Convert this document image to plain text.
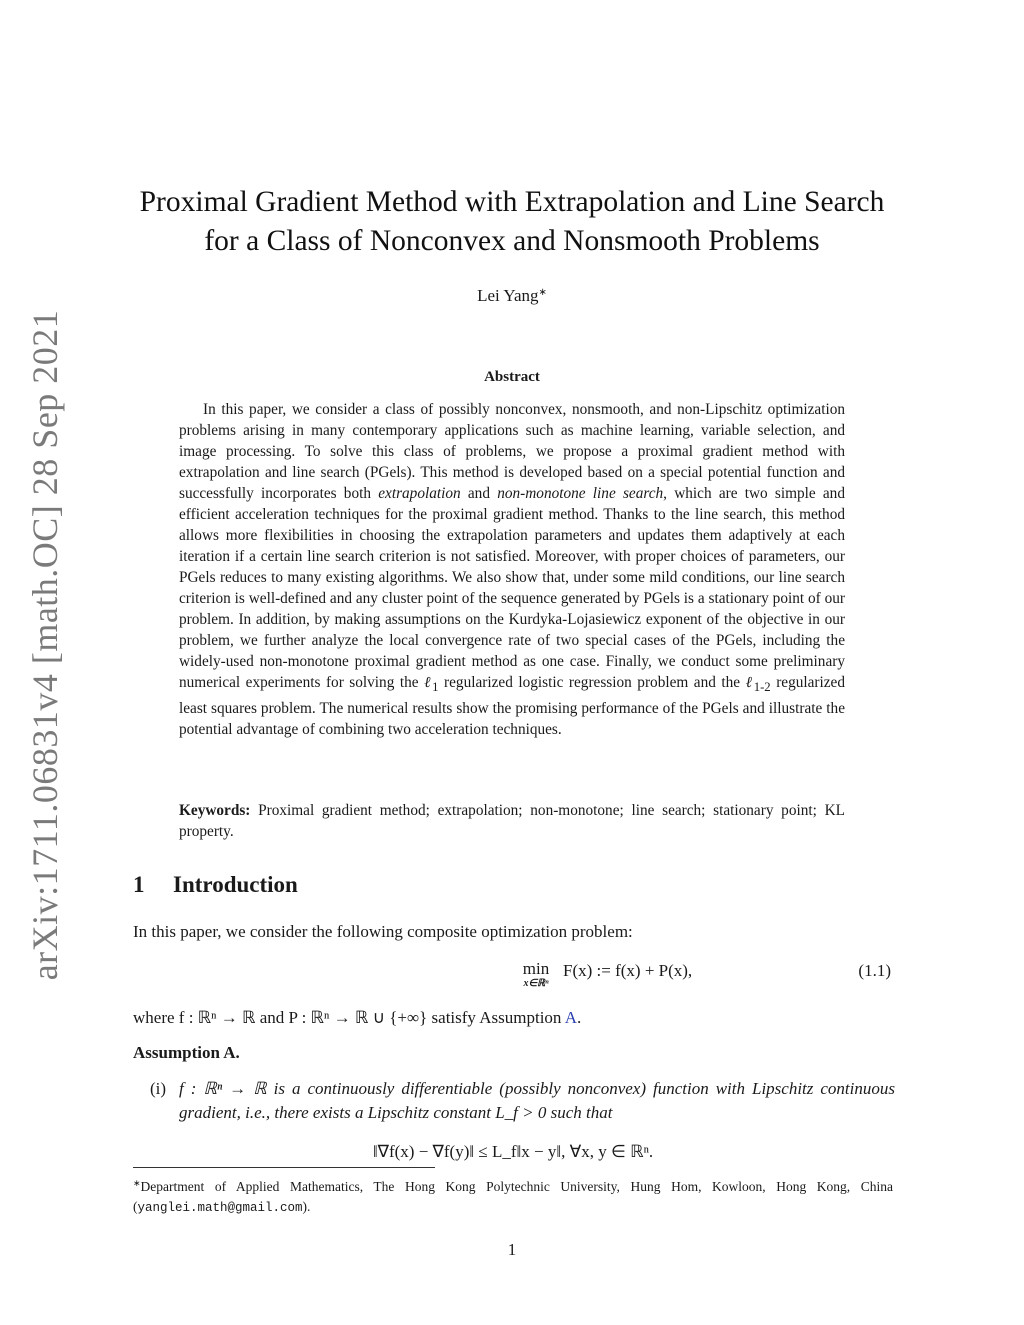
arXiv:1711.06831v4 [math.OC] 28 Sep 2021
Proximal Gradient Method with Extrapolation and Line Search
for a Class of Nonconvex and Nonsmooth Problems
Lei Yang∗
Abstract

In this paper, we consider a class of possibly nonconvex, nonsmooth, and non-Lipschitz optimization problems arising in many contemporary applications such as machine learning, variable selection, and image processing. To solve this class of problems, we propose a proximal gradient method with extrapolation and line search (PGels). This method is developed based on a special potential function and successfully incorporates both extrapolation and non-monotone line search, which are two simple and efficient acceleration techniques for the proximal gradient method. Thanks to the line search, this method allows more flexibilities in choosing the extrapolation parameters and updates them adaptively at each iteration if a certain line search criterion is not satisfied. Moreover, with proper choices of parameters, our PGels reduces to many existing algorithms. We also show that, under some mild conditions, our line search criterion is well-defined and any cluster point of the sequence generated by PGels is a stationary point of our problem. In addition, by making assumptions on the Kurdyka-Lojasiewicz exponent of the objective in our problem, we further analyze the local convergence rate of two special cases of the PGels, including the widely-used non-monotone proximal gradient method as one case. Finally, we conduct some preliminary numerical experiments for solving the ℓ$_1$ regularized logistic regression problem and the ℓ$_{1-2}$ regularized least squares problem. The numerical results show the promising performance of the PGels and illustrate the potential advantage of combining two acceleration techniques.

Keywords: Proximal gradient method; extrapolation; non-monotone; line search; stationary point; KL property.

1 Introduction

In this paper, we consider the following composite optimization problem:

min
x∈ℝⁿ
F(x) := f(x) + P(x),	(1.1)

where f : ℝⁿ → ℝ and P : ℝⁿ → ℝ ∪ {+∞} satisfy Assumption A.

Assumption A.
(i) f : ℝⁿ → ℝ is a continuously differentiable (possibly nonconvex) function with Lipschitz continuous gradient, i.e., there exists a Lipschitz constant L_f > 0 such that
‖∇f(x) − ∇f(y)‖ ≤ L_f‖x − y‖, ∀x, y ∈ ℝⁿ.
∗Department of Applied Mathematics, The Hong Kong Polytechnic University, Hung Hom, Kowloon, Hong Kong, China (yanglei.math@gmail.com).
1
